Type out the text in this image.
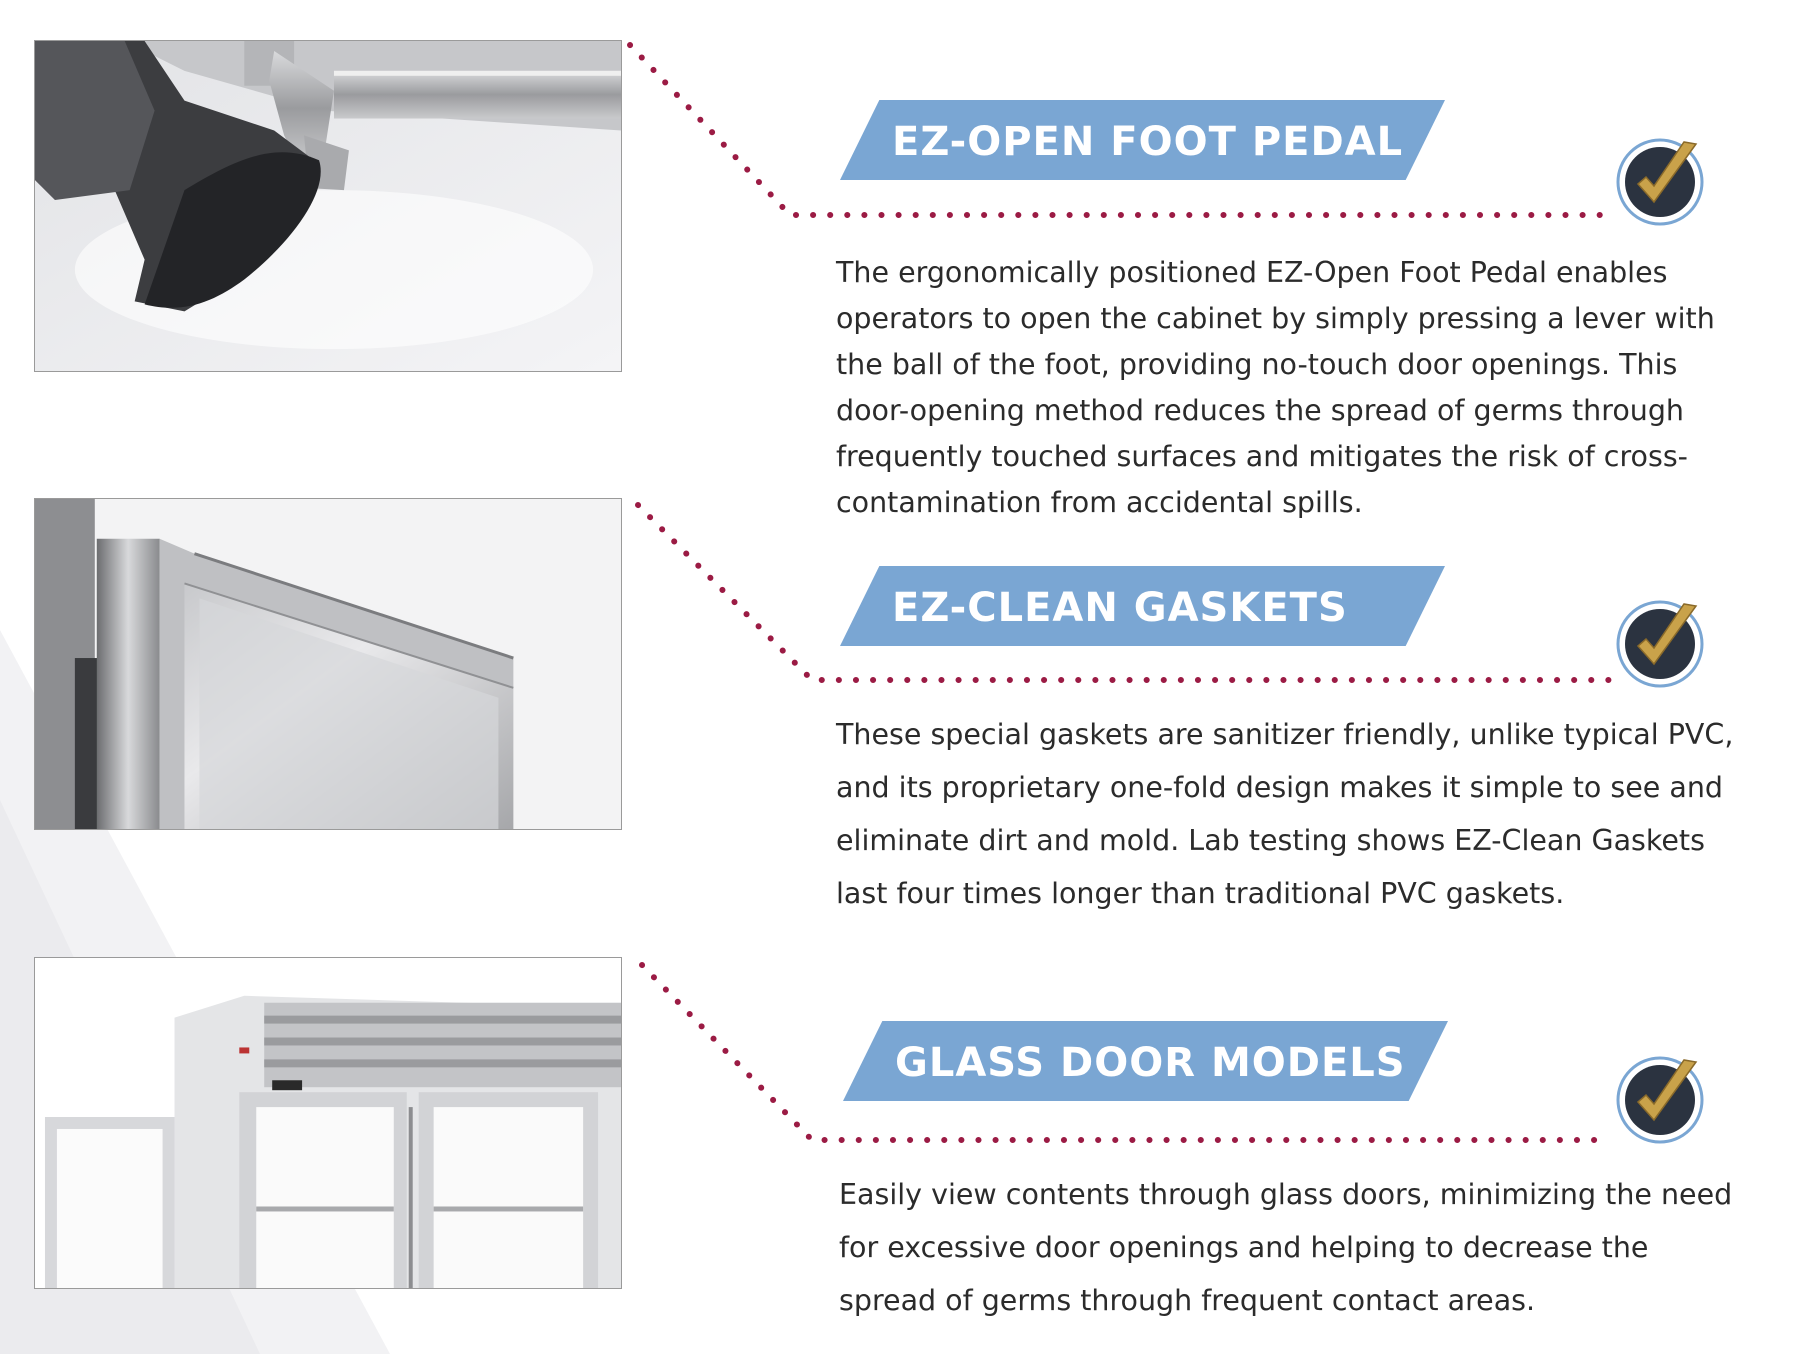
EZ-OPEN FOOT PEDAL

The ergonomically positioned EZ-Open Foot Pedal enables operators to open the cabinet by simply pressing a lever with the ball of the foot, providing no-touch door openings. This door-opening method reduces the spread of germs through frequently touched surfaces and mitigates the risk of cross-contamination from accidental spills.

EZ-CLEAN GASKETS

These special gaskets are sanitizer friendly, unlike typical PVC, and its proprietary one-fold design makes it simple to see and eliminate dirt and mold. Lab testing shows EZ-Clean Gaskets last four times longer than traditional PVC gaskets.

GLASS DOOR MODELS

Easily view contents through glass doors, minimizing the need for excessive door openings and helping to decrease the spread of germs through frequent contact areas.
